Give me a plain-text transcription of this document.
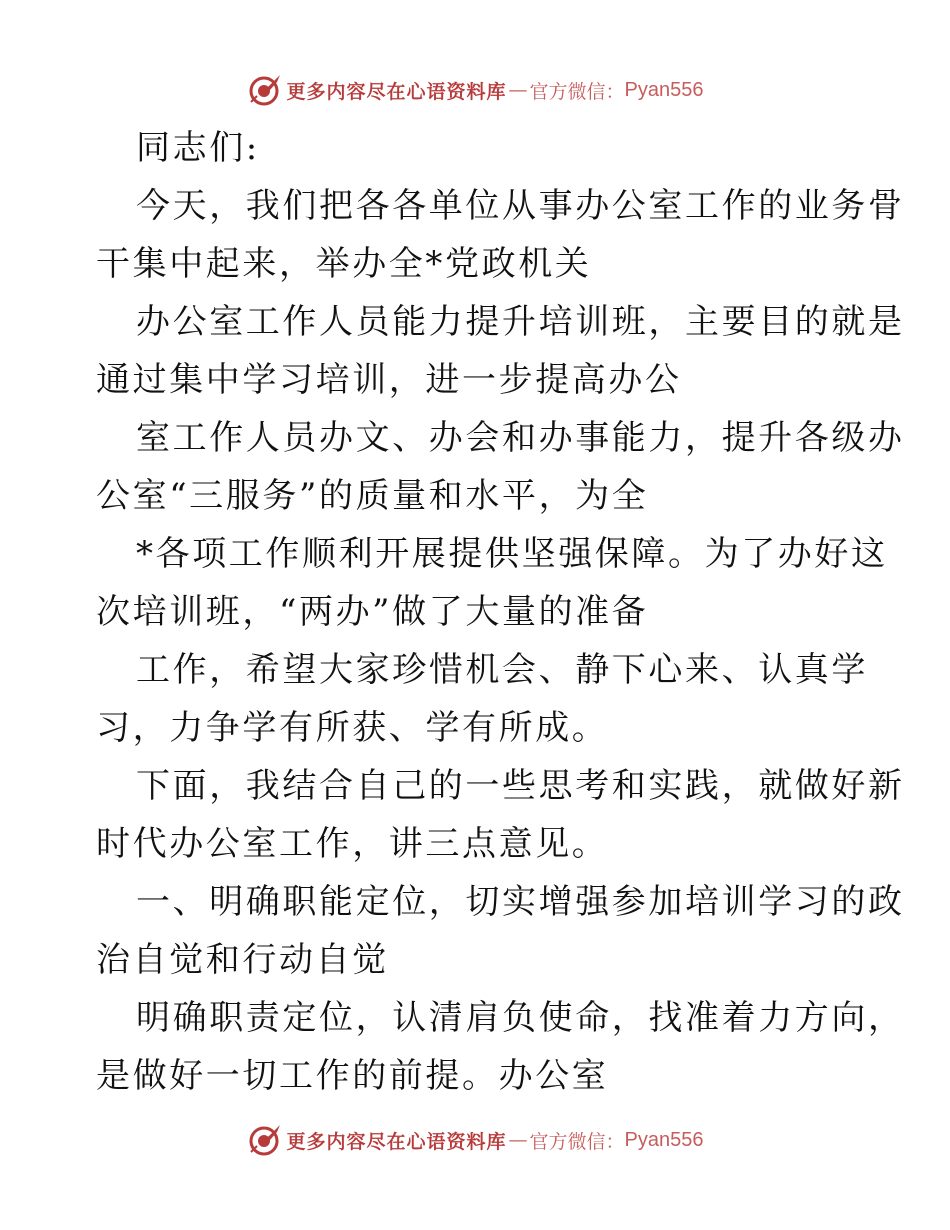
更多内容尽在心语资料库 — 官方微信： Pyan556
同志们:
今天，我们把各各单位从事办公室工作的业务骨
干集中起来，举办全*党政机关
办公室工作人员能力提升培训班，主要目的就是
通过集中学习培训，进一步提高办公
室工作人员办文、办会和办事能力，提升各级办
公室“三服务”的质量和水平，为全
*各项工作顺利开展提供坚强保障。为了办好这
次培训班，“两办”做了大量的准备
工作，希望大家珍惜机会、静下心来、认真学
习，力争学有所获、学有所成。
下面，我结合自己的一些思考和实践，就做好新
时代办公室工作，讲三点意见。
一、明确职能定位，切实增强参加培训学习的政
治自觉和行动自觉
明确职责定位，认清肩负使命，找准着力方向，
是做好一切工作的前提。办公室
更多内容尽在心语资料库 — 官方微信： Pyan556
